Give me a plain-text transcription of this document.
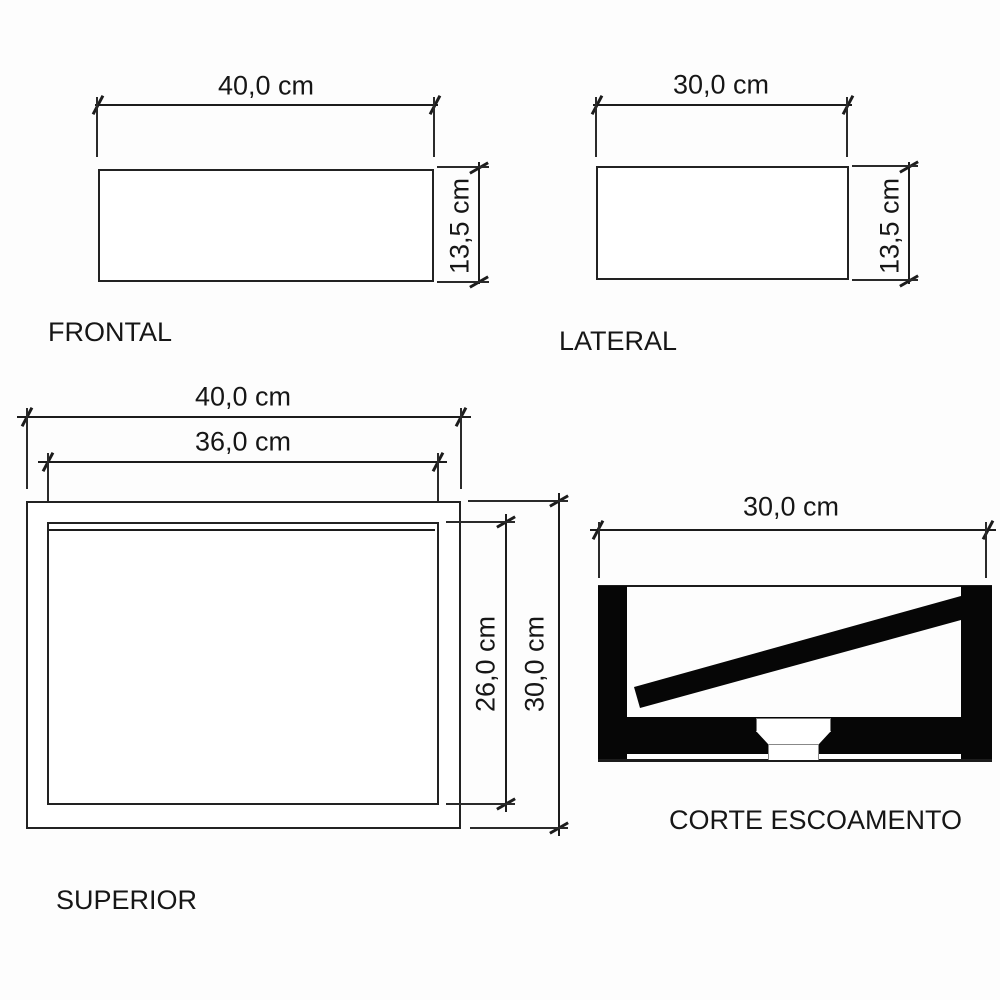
40,0 cm
13,5 cm
FRONTAL
30,0 cm
13,5 cm
LATERAL
40,0 cm
36,0 cm
26,0 cm 30,0 cm
SUPERIOR
30,0 cm
CORTE ESCOAMENTO
